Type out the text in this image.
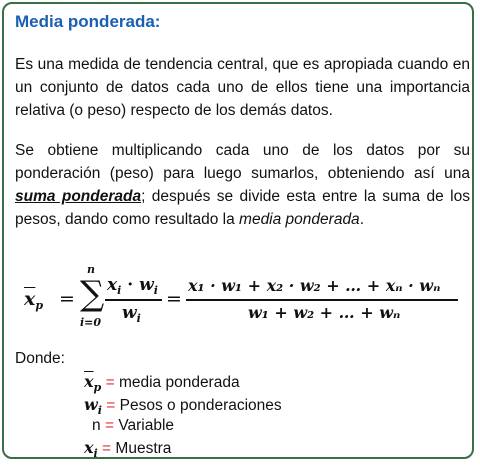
Media ponderada:

Es una medida de tendencia central, que es apropiada cuando en un conjunto de datos cada uno de ellos tiene una importancia relativa (o peso) respecto de los demás datos.

Se obtiene multiplicando cada uno de los datos por su ponderación (peso) para luego sumarlos, obteniendo así una suma ponderada; después se divide esta entre la suma de los pesos, dando como resultado la media ponderada.

$\overline{x}_p$ =
n
∑
i=0
$x_i \cdot w_i$
$w_i$
=
x₁ · w₁ + x₂ · w₂ + … + xₙ · wₙ
w₁ + w₂ + … + wₙ
Donde:
$\overline{x}_p$ = media ponderada
$w_i$ = Pesos o ponderaciones
n = Variable
$x_i$ = Muestra
